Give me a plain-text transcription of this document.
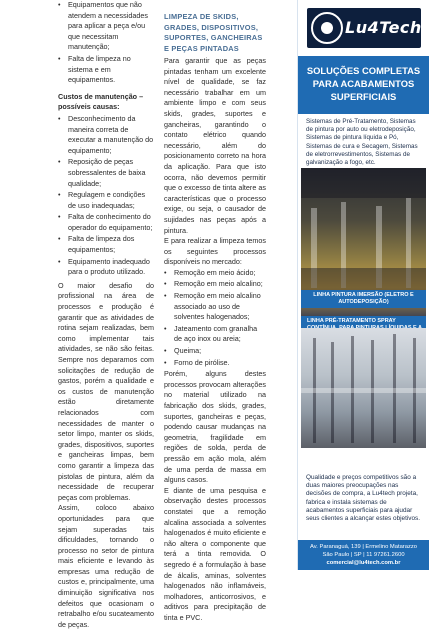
• Equipamentos que não atendem a necessidades para aplicar a peça e/ou que necessitam manutenção;
• Falta de limpeza no sistema e em equipamentos.
Custos de manutenção – possíveis causas:
• Desconhecimento da maneira correta de executar a manutenção do equipamento;
• Reposição de peças sobressalentes de baixa qualidade;
• Regulagem e condições de uso inadequadas;
• Falta de conhecimento do operador do equipamento;
• Falta de limpeza dos equipamentos;
• Equipamento inadequado para o produto utilizado.

O maior desafio do profissional na área de processos e produção é garantir que as atividades de rotina sejam realizadas, bem como implementar tais atividades, se não são feitas. Sempre nos deparamos com solicitações de redução de gastos, porém a qualidade e os custos de manutenção estão diretamente relacionados com necessidades de manter o setor limpo, manter os skids, grades, dispositivos, suportes e gancheiras limpas, bem como garantir a limpeza das pistolas de pintura, além da necessidade de recuperar peças com problemas.

Assim, coloco abaixo oportunidades para que sejam superadas tais dificuldades, tornando o processo no setor de pintura mais eficiente e levando às empresas uma redução de custos e, principalmente, uma diminuição significativa nos defeitos que ocasionam o retrabalho e/ou sucateamento de peças.

LIMPEZA DE SKIDS, GRADES, DISPOSITIVOS, SUPORTES, GANCHEIRAS E PEÇAS PINTADAS

Para garantir que as peças pintadas tenham um excelente nível de qualidade, se faz necessário trabalhar em um ambiente limpo e com seus skids, grades, suportes e gancheiras, garantindo o contato elétrico quando necessário, além do posicionamento correto na hora da aplicação. Para que isto ocorra, não devemos permitir que o excesso de tinta altere as características que o processo exige, ou seja, o causador de sujidades nas peças após a pintura.

E para realizar a limpeza temos os seguintes processos disponíveis no mercado:

• Remoção em meio ácido;
• Remoção em meio alcalino;
• Remoção em meio alcalino associado ao uso de solventes halogenados;
• Jateamento com granalha de aço inox ou areia;
• Queima;
• Forno de pirólise.

Porém, alguns destes processos provocam alterações no material utilizado na fabricação dos skids, grades, suportes, gancheiras e peças, podendo causar mudanças na geometria, fragilidade em regiões de solda, perda de pressão em ação mola, além de uma perda de massa em alguns casos.

E diante de uma pesquisa e observação destes processos constatei que a remoção alcalina associada a solventes halogenados é muito eficiente e não altera o componente que terá a tinta removida. O segredo é a formulação à base de álcalis, aminas, solventes halogenados não inflamáveis, molhadores, anticorrosivos, e aditivos para precipitação de tinta e PVC.

Lu4Tech
SOLUÇÕES COMPLETAS PARA ACABAMENTOS SUPERFICIAIS
Sistemas de Pré-Tratamento, Sistemas de pintura por auto ou eletrodeposição, Sistemas de pintura líquida e Pó, Sistemas de cura e Secagem, Sistemas de eletrorrevestimentos, Sistemas de galvanização a fogo, etc.
LINHA PINTURA IMERSÃO (ELETRO E AUTODEPOSIÇÃO)
LINHA PRÉ-TRATAMENTO SPRAY
Qualidade e preços competitivos são a duas maiores preocupações nas decisões de compra, a Lu4tech projeta, fabrica e instala sistemas de acabamentos superficiais para ajudar seus clientes a alcançar estes objetivos.
Av. Paranaguá, 139 | Ermelino Matarazzo
São Paulo | SP | 11 97261.2600
comercial@lu4tech.com.br
